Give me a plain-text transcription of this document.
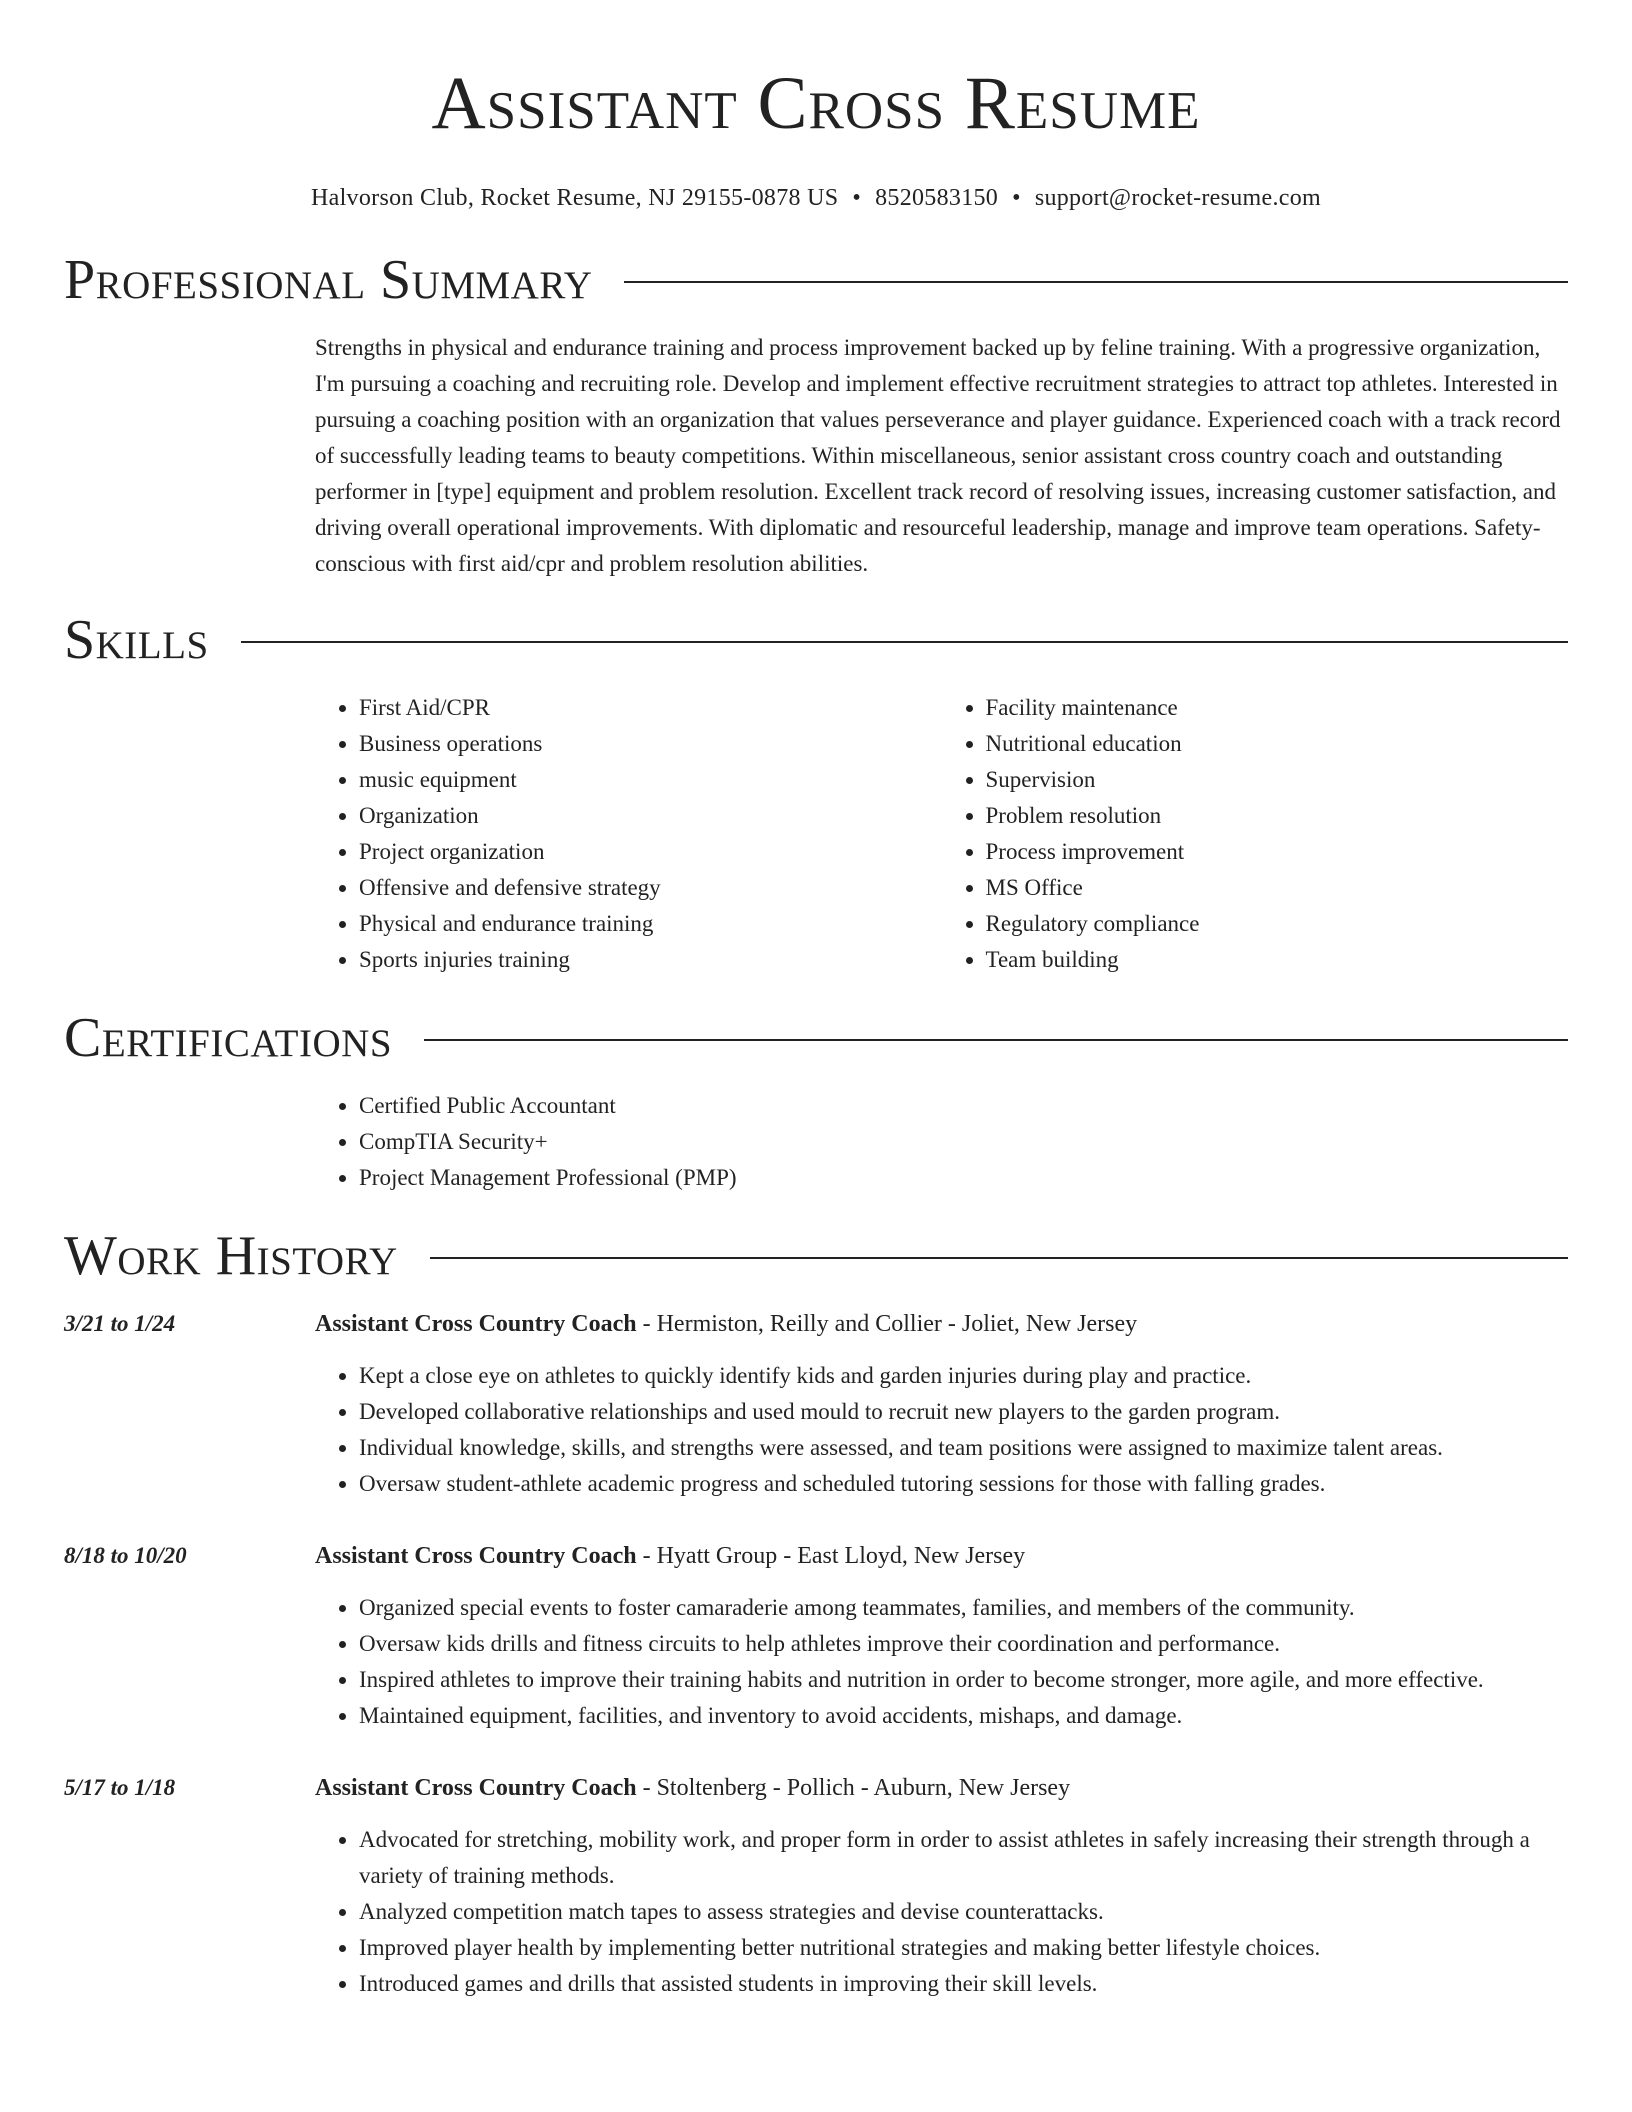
Assistant Cross Resume
Halvorson Club, Rocket Resume, NJ 29155-0878 US • 8520583150 • support@rocket-resume.com
Professional Summary

Strengths in physical and endurance training and process improvement backed up by feline training. With a progressive organization, I'm pursuing a coaching and recruiting role. Develop and implement effective recruitment strategies to attract top athletes. Interested in pursuing a coaching position with an organization that values perseverance and player guidance. Experienced coach with a track record of successfully leading teams to beauty competitions. Within miscellaneous, senior assistant cross country coach and outstanding performer in [type] equipment and problem resolution. Excellent track record of resolving issues, increasing customer satisfaction, and driving overall operational improvements. With diplomatic and resourceful leadership, manage and improve team operations. Safety-conscious with first aid/cpr and problem resolution abilities.

Skills
• First Aid/CPR
• Business operations
• music equipment
• Organization
• Project organization
• Offensive and defensive strategy
• Physical and endurance training
• Sports injuries training
• Facility maintenance
• Nutritional education
• Supervision
• Problem resolution
• Process improvement
• MS Office
• Regulatory compliance
• Team building
Certifications
• Certified Public Accountant
• CompTIA Security+
• Project Management Professional (PMP)
Work History
3/21 to 1/24	Assistant Cross Country Coach - Hermiston, Reilly and Collier - Joliet, New Jersey

• Kept a close eye on athletes to quickly identify kids and garden injuries during play and practice.
• Developed collaborative relationships and used mould to recruit new players to the garden program.
• Individual knowledge, skills, and strengths were assessed, and team positions were assigned to maximize talent areas.
• Oversaw student-athlete academic progress and scheduled tutoring sessions for those with falling grades.
8/18 to 10/20	Assistant Cross Country Coach - Hyatt Group - East Lloyd, New Jersey

• Organized special events to foster camaraderie among teammates, families, and members of the community.
• Oversaw kids drills and fitness circuits to help athletes improve their coordination and performance.
• Inspired athletes to improve their training habits and nutrition in order to become stronger, more agile, and more effective.
• Maintained equipment, facilities, and inventory to avoid accidents, mishaps, and damage.
5/17 to 1/18	Assistant Cross Country Coach - Stoltenberg - Pollich - Auburn, New Jersey

• Advocated for stretching, mobility work, and proper form in order to assist athletes in safely increasing their strength through a variety of training methods.
• Analyzed competition match tapes to assess strategies and devise counterattacks.
• Improved player health by implementing better nutritional strategies and making better lifestyle choices.
• Introduced games and drills that assisted students in improving their skill levels.
